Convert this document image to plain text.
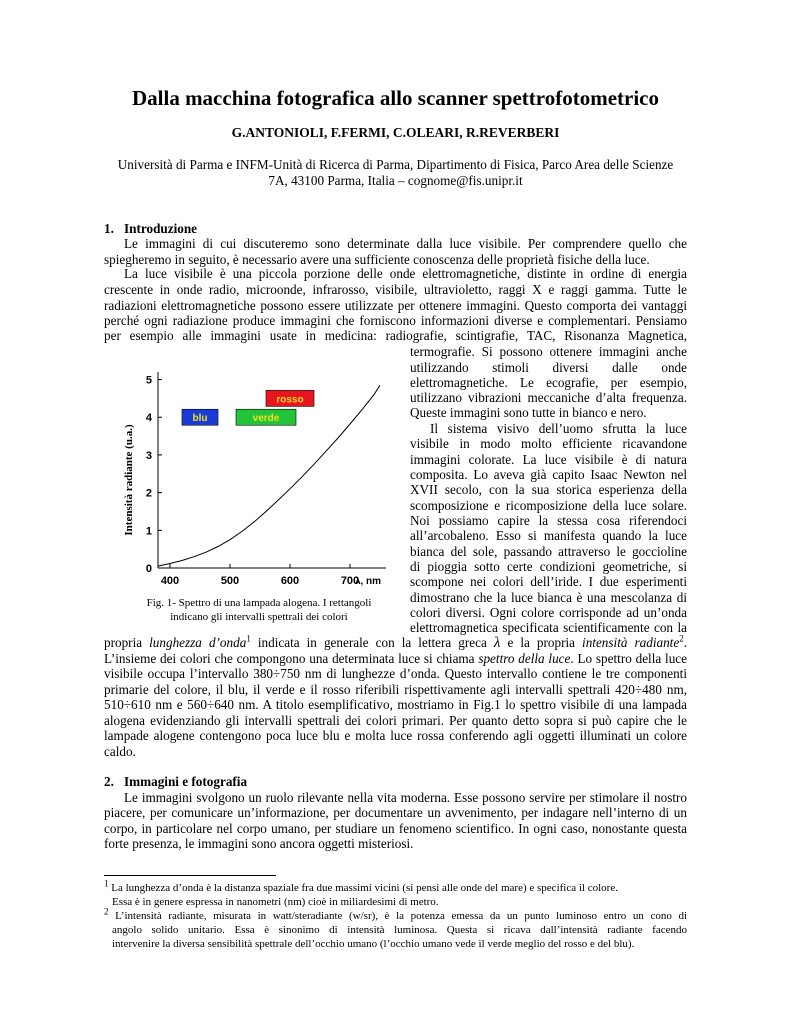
Dalla macchina fotografica allo scanner spettrofotometrico
G.ANTONIOLI, F.FERMI, C.OLEARI, R.REVERBERI
Università di Parma e INFM-Unità di Ricerca di Parma, Dipartimento di Fisica, Parco Area delle Scienze
7A, 43100 Parma, Italia – cognome@fis.unipr.it
1. Introduzione
Le immagini di cui discuteremo sono determinate dalla luce visibile. Per comprendere quello che
spiegheremo in seguito, è necessario avere una sufficiente conoscenza delle proprietà fisiche della luce.
La luce visibile è una piccola porzione delle onde elettromagnetiche, distinte in ordine di energia
crescente in onde radio, microonde, infrarosso, visibile, ultravioletto, raggi X e raggi gamma. Tutte le
radiazioni elettromagnetiche possono essere utilizzate per ottenere immagini. Questo comporta dei vantaggi
perché ogni radiazione produce immagini che forniscono informazioni diverse e complementari. Pensiamo
per esempio alle immagini usate in medicina: radiografie, scintigrafie, TAC, Risonanza Magnetica,
termografie. Si possono ottenere immagini anche
utilizzando stimoli diversi dalle onde
elettromagnetiche. Le ecografie, per esempio,
utilizzano vibrazioni meccaniche d’alta frequenza.
Queste immagini sono tutte in bianco e nero.
Il sistema visivo dell’uomo sfrutta la luce
visibile in modo molto efficiente ricavandone
immagini colorate. La luce visibile è di natura
composita. Lo aveva già capito Isaac Newton nel
XVII secolo, con la sua storica esperienza della
scomposizione e ricomposizione della luce solare.
Noi possiamo capire la stessa cosa riferendoci
all’arcobaleno. Esso si manifesta quando la luce
bianca del sole, passando attraverso le goccioline
di pioggia sotto certe condizioni geometriche, si
scompone nei colori dell’iride. I due esperimenti
dimostrano che la luce bianca è una mescolanza di
colori diversi. Ogni colore corrisponde ad un’onda
elettromagnetica specificata scientificamente con la
0
1
2
3
4
5
400	500	600	700
blu	verde
rosso
Intensità radiante (u.a.)
λ, nm
Fig. 1- Spettro di una lampada alogena. I rettangoli
indicano gli intervalli spettrali dei colori
propria lunghezza d’onda$^1$ indicata in generale con la lettera greca λ e la propria intensità radiante$^2$.
L’insieme dei colori che compongono una determinata luce si chiama spettro della luce. Lo spettro della luce
visibile occupa l’intervallo 380÷750 nm di lunghezze d’onda. Questo intervallo contiene le tre componenti
primarie del colore, il blu, il verde e il rosso riferibili rispettivamente agli intervalli spettrali 420÷480 nm,
510÷610 nm e 560÷640 nm. A titolo esemplificativo, mostriamo in Fig.1 lo spettro visibile di una lampada
alogena evidenziando gli intervalli spettrali dei colori primari. Per quanto detto sopra si può capire che le
lampade alogene contengono poca luce blu e molta luce rossa conferendo agli oggetti illuminati un colore
caldo.
2. Immagini e fotografia
Le immagini svolgono un ruolo rilevante nella vita moderna. Esse possono servire per stimolare il nostro
piacere, per comunicare un’informazione, per documentare un avvenimento, per indagare nell’interno di un
corpo, in particolare nel corpo umano, per studiare un fenomeno scientifico. In ogni caso, nonostante questa
forte presenza, le immagini sono ancora oggetti misteriosi.
$^1$ La lunghezza d’onda è la distanza spaziale fra due massimi vicini (si pensi alle onde del mare) e specifica il colore.
Essa è in genere espressa in nanometri (nm) cioè in miliardesimi di metro.
$^2$ L’intensità radiante, misurata in watt/steradiante (w/sr), è la potenza emessa da un punto luminoso entro un cono di
angolo solido unitario. Essa è sinonimo di intensità luminosa. Questa si ricava dall’intensità radiante facendo
intervenire la diversa sensibilità spettrale dell’occhio umano (l’occhio umano vede il verde meglio del rosso e del blu).
